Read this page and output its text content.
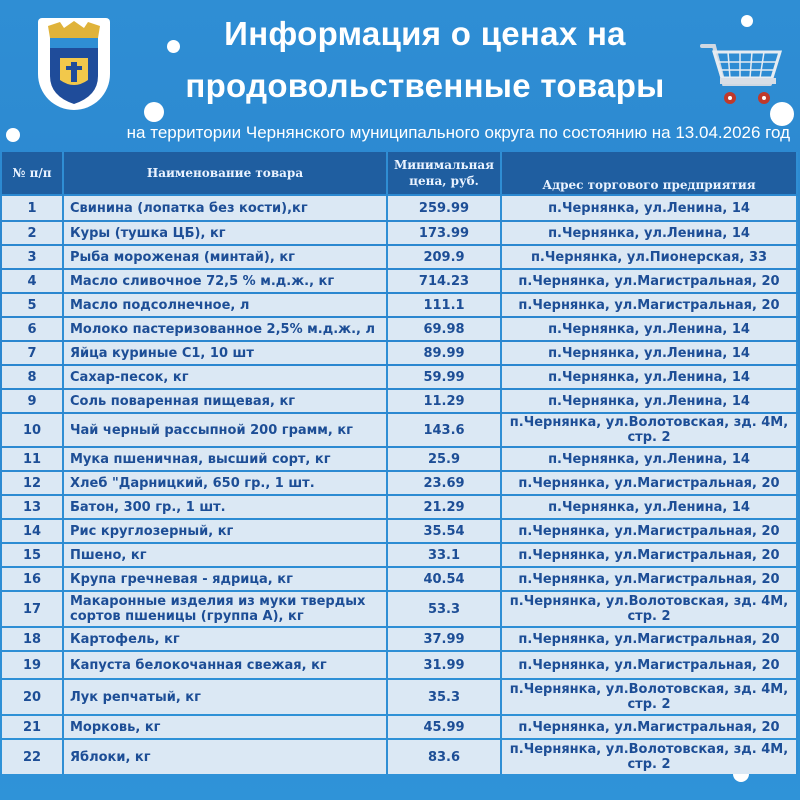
Информация о ценах на
продовольственные товары
на территории Чернянского муниципального округа по состоянию на 13.04.2026 год
№ п/п	Наименование товара	Минимальная цена, руб.	Адрес торгового предприятия
1	Свинина (лопатка без кости),кг	259.99	п.Чернянка, ул.Ленина, 14
2	Куры (тушка ЦБ), кг	173.99	п.Чернянка, ул.Ленина, 14
3	Рыба мороженая (минтай), кг	209.9	п.Чернянка, ул.Пионерская, 33
4	Масло сливочное 72,5 % м.д.ж., кг	714.23	п.Чернянка, ул.Магистральная, 20
5	Масло подсолнечное, л	111.1	п.Чернянка, ул.Магистральная, 20
6	Молоко пастеризованное 2,5% м.д.ж., л	69.98	п.Чернянка, ул.Ленина, 14
7	Яйца куриные С1, 10 шт	89.99	п.Чернянка, ул.Ленина, 14
8	Сахар-песок, кг	59.99	п.Чернянка, ул.Ленина, 14
9	Соль поваренная пищевая, кг	11.29	п.Чернянка, ул.Ленина, 14
10	Чай черный рассыпной 200 грамм, кг	143.6	п.Чернянка, ул.Волотовская, зд. 4М, стр. 2
11	Мука пшеничная, высший сорт, кг	25.9	п.Чернянка, ул.Ленина, 14
12	Хлеб "Дарницкий, 650 гр., 1 шт.	23.69	п.Чернянка, ул.Магистральная, 20
13	Батон, 300 гр., 1 шт.	21.29	п.Чернянка, ул.Ленина, 14
14	Рис круглозерный, кг	35.54	п.Чернянка, ул.Магистральная, 20
15	Пшено, кг	33.1	п.Чернянка, ул.Магистральная, 20
16	Крупа гречневая - ядрица, кг	40.54	п.Чернянка, ул.Магистральная, 20
17	Макаронные изделия из муки твердых сортов пшеницы (группа А), кг	53.3	п.Чернянка, ул.Волотовская, зд. 4М, стр. 2
18	Картофель, кг	37.99	п.Чернянка, ул.Магистральная, 20
19	Капуста белокочанная свежая, кг	31.99	п.Чернянка, ул.Магистральная, 20
20	Лук репчатый, кг	35.3	п.Чернянка, ул.Волотовская, зд. 4М, стр. 2
21	Морковь, кг	45.99	п.Чернянка, ул.Магистральная, 20
22	Яблоки, кг	83.6	п.Чернянка, ул.Волотовская, зд. 4М, стр. 2
